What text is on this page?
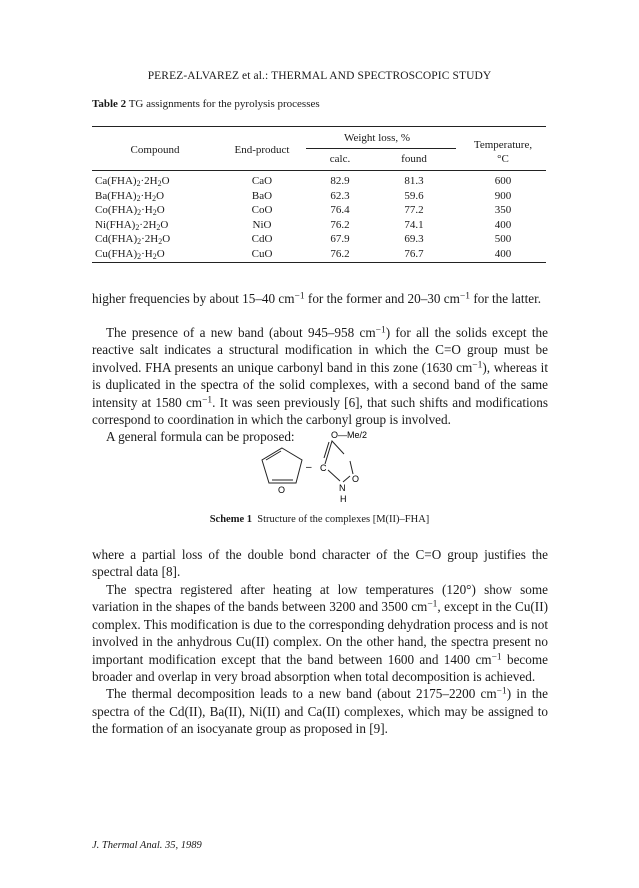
PEREZ-ALVAREZ et al.: THERMAL AND SPECTROSCOPIC STUDY
Table 2 TG assignments for the pyrolysis processes
Compound	End-product
Weight loss, %
calc.	found
Temperature,
°C
$Ca(FHA)_2\cdot 2H_2O$	CaO	82.9	81.3	600
$Ba(FHA)_2\cdot H_2O$	BaO	62.3	59.6	900
$Co(FHA)_2\cdot H_2O$	CoO	76.4	77.2	350
$Ni(FHA)_2\cdot 2H_2O$	NiO	76.2	74.1	400
$Cd(FHA)_2\cdot 2H_2O$	CdO	67.9	69.3	500
$Cu(FHA)_2\cdot H_2O$	CuO	76.2	76.7	400

higher frequencies by about 15–40 $cm^{-1}$ for the former and 20–30 $cm^{-1}$ for the latter.

The presence of a new band (about 945–958 $cm^{-1}$) for all the solids except the reactive salt indicates a structural modification in which the C=O group must be involved. FHA presents an unique carbonyl band in this zone (1630 $cm^{-1}$), whereas it is duplicated in the spectra of the solid complexes, with a second band of the same intensity at 1580 $cm^{-1}$. It was seen previously [6], that such shifts and modifications correspond to coordination in which the carbonyl group is involved.

A general formula can be proposed:

O
–
O—Me/2
C
O
N
H
Scheme 1 Structure of the complexes [M(II)–FHA]

where a partial loss of the double bond character of the C=O group justifies the spectral data [8].

The spectra registered after heating at low temperatures (120°) show some variation in the shapes of the bands between 3200 and 3500 $cm^{-1}$, except in the Cu(II) complex. This modification is due to the corresponding dehydration process and is not involved in the anhydrous Cu(II) complex. On the other hand, the spectra present no important modification except that the band between 1600 and 1400 $cm^{-1}$ become broader and overlap in very broad absorption when total decomposition is achieved.

The thermal decomposition leads to a new band (about 2175–2200 $cm^{-1}$) in the spectra of the Cd(II), Ba(II), Ni(II) and Ca(II) complexes, which may be assigned to the formation of an isocyanate group as proposed in [9].

J. Thermal Anal. 35, 1989
